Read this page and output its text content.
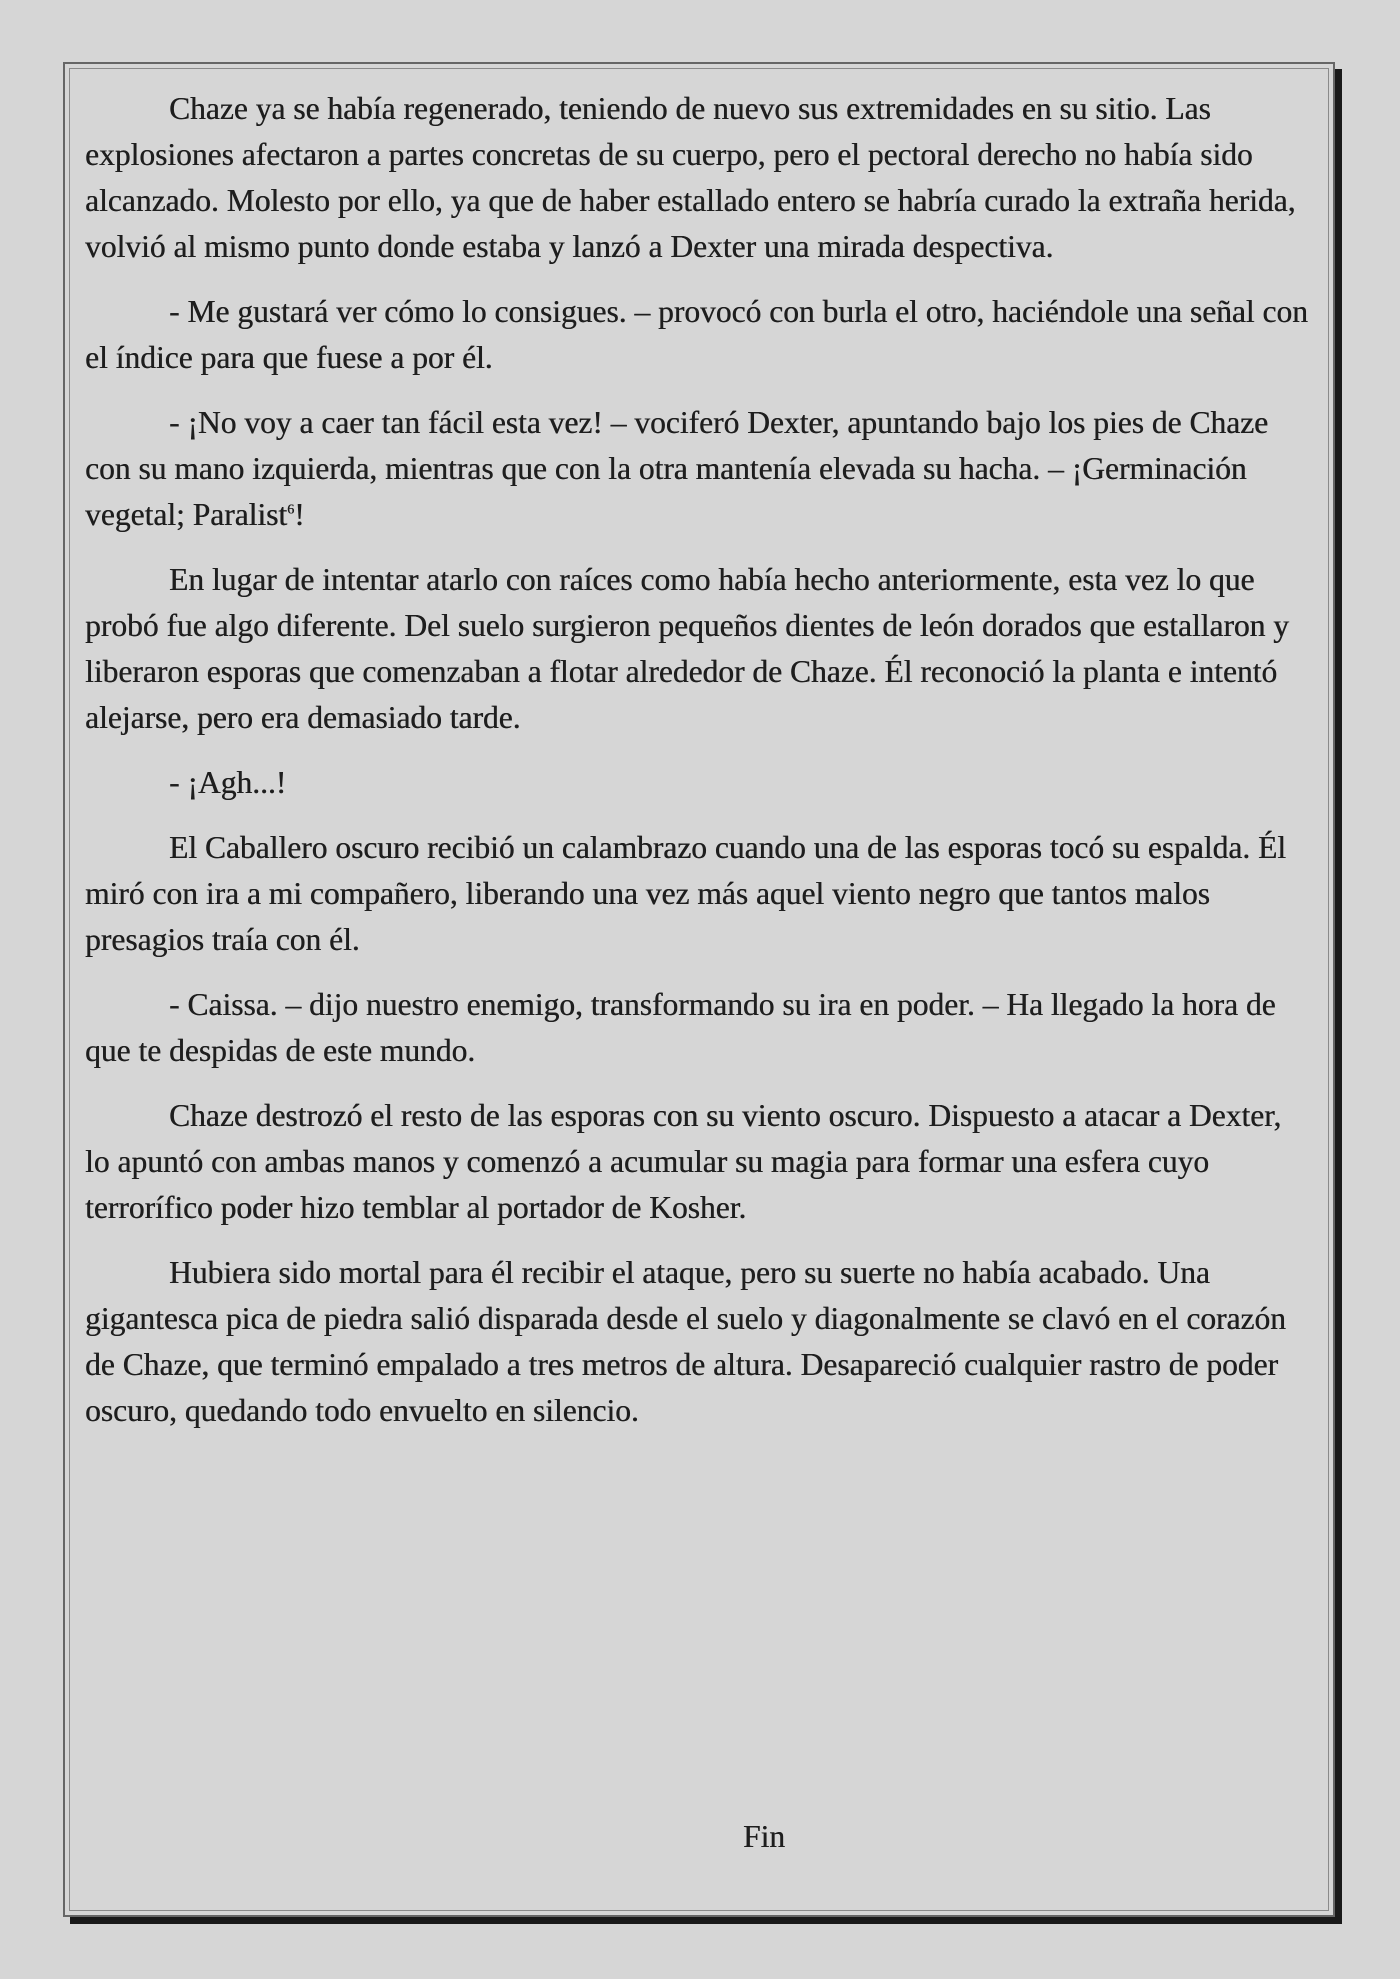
Chaze ya se había regenerado, teniendo de nuevo sus extremidades en su sitio. Las explosiones afectaron a partes concretas de su cuerpo, pero el pectoral derecho no había sido alcanzado. Molesto por ello, ya que de haber estallado entero se habría curado la extraña herida, volvió al mismo punto donde estaba y lanzó a Dexter una mirada despectiva.

- Me gustará ver cómo lo consigues. – provocó con burla el otro, haciéndole una señal con el índice para que fuese a por él.

- ¡No voy a caer tan fácil esta vez! – vociferó Dexter, apuntando bajo los pies de Chaze con su mano izquierda, mientras que con la otra mantenía elevada su hacha. – ¡Germinación vegetal; Paralist$^6$!

En lugar de intentar atarlo con raíces como había hecho anteriormente, esta vez lo que probó fue algo diferente. Del suelo surgieron pequeños dientes de león dorados que estallaron y liberaron esporas que comenzaban a flotar alrededor de Chaze. Él reconoció la planta e intentó alejarse, pero era demasiado tarde.

- ¡Agh...!

El Caballero oscuro recibió un calambrazo cuando una de las esporas tocó su espalda. Él miró con ira a mi compañero, liberando una vez más aquel viento negro que tantos malos presagios traía con él.

- Caissa. – dijo nuestro enemigo, transformando su ira en poder. – Ha llegado la hora de que te despidas de este mundo.

Chaze destrozó el resto de las esporas con su viento oscuro. Dispuesto a atacar a Dexter, lo apuntó con ambas manos y comenzó a acumular su magia para formar una esfera cuyo terrorífico poder hizo temblar al portador de Kosher.

Hubiera sido mortal para él recibir el ataque, pero su suerte no había acabado. Una gigantesca pica de piedra salió disparada desde el suelo y diagonalmente se clavó en el corazón de Chaze, que terminó empalado a tres metros de altura. Desapareció cualquier rastro de poder oscuro, quedando todo envuelto en silencio.

Fin
